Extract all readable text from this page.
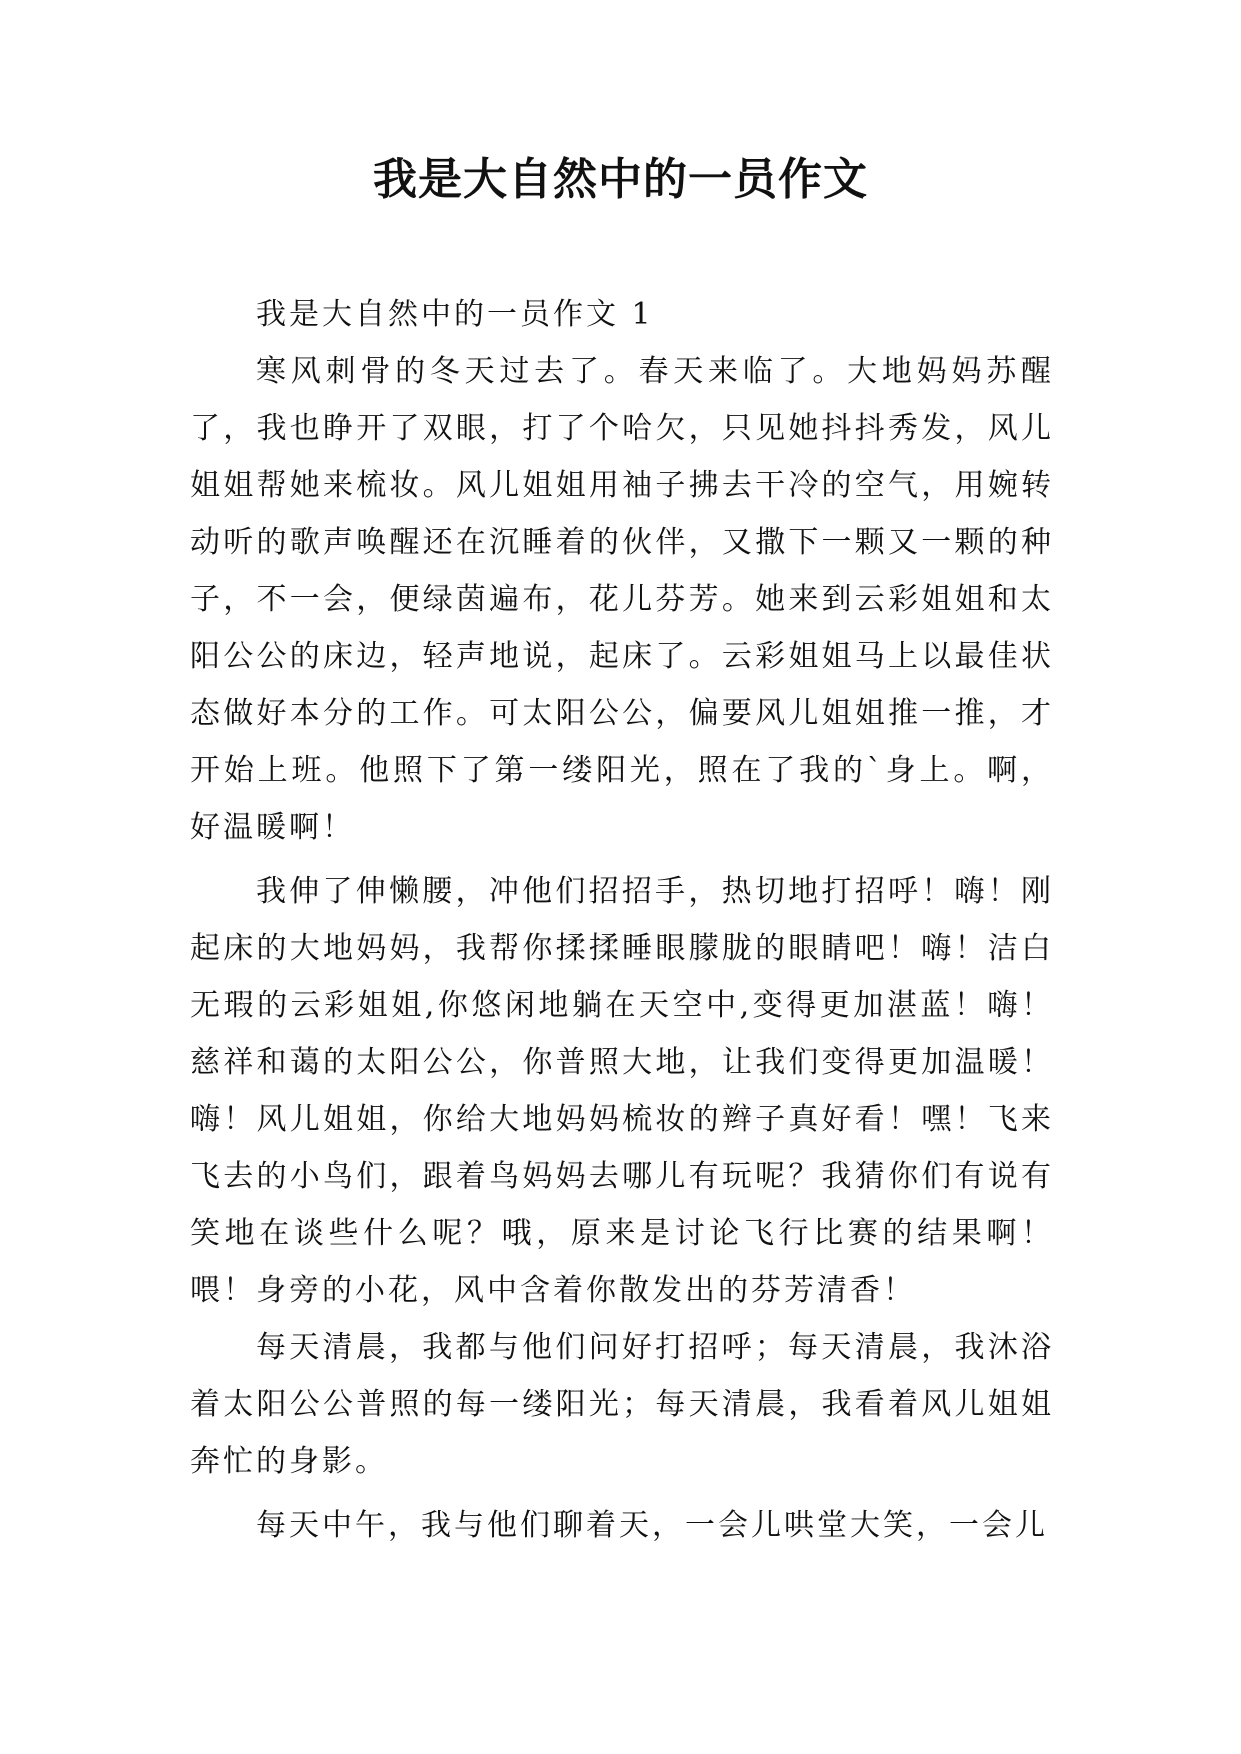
我是大自然中的一员作文

我是大自然中的一员作文 1

寒风刺骨的冬天过去了。春天来临了。大地妈妈苏醒了，我也睁开了双眼，打了个哈欠，只见她抖抖秀发，风儿姐姐帮她来梳妆。风儿姐姐用袖子拂去干冷的空气，用婉转动听的歌声唤醒还在沉睡着的伙伴，又撒下一颗又一颗的种子，不一会，便绿茵遍布，花儿芬芳。她来到云彩姐姐和太阳公公的床边，轻声地说，起床了。云彩姐姐马上以最佳状态做好本分的工作。可太阳公公，偏要风儿姐姐推一推，才开始上班。他照下了第一缕阳光，照在了我的`身上。啊，好温暖啊！

我伸了伸懒腰，冲他们招招手，热切地打招呼！嗨！刚起床的大地妈妈，我帮你揉揉睡眼朦胧的眼睛吧！嗨！洁白无瑕的云彩姐姐,你悠闲地躺在天空中,变得更加湛蓝！嗨！慈祥和蔼的太阳公公，你普照大地，让我们变得更加温暖！嗨！风儿姐姐，你给大地妈妈梳妆的辫子真好看！嘿！飞来飞去的小鸟们，跟着鸟妈妈去哪儿有玩呢？我猜你们有说有笑地在谈些什么呢？哦，原来是讨论飞行比赛的结果啊！喂！身旁的小花，风中含着你散发出的芬芳清香！

每天清晨，我都与他们问好打招呼；每天清晨，我沐浴着太阳公公普照的每一缕阳光；每天清晨，我看着风儿姐姐奔忙的身影。

每天中午，我与他们聊着天，一会儿哄堂大笑，一会儿
